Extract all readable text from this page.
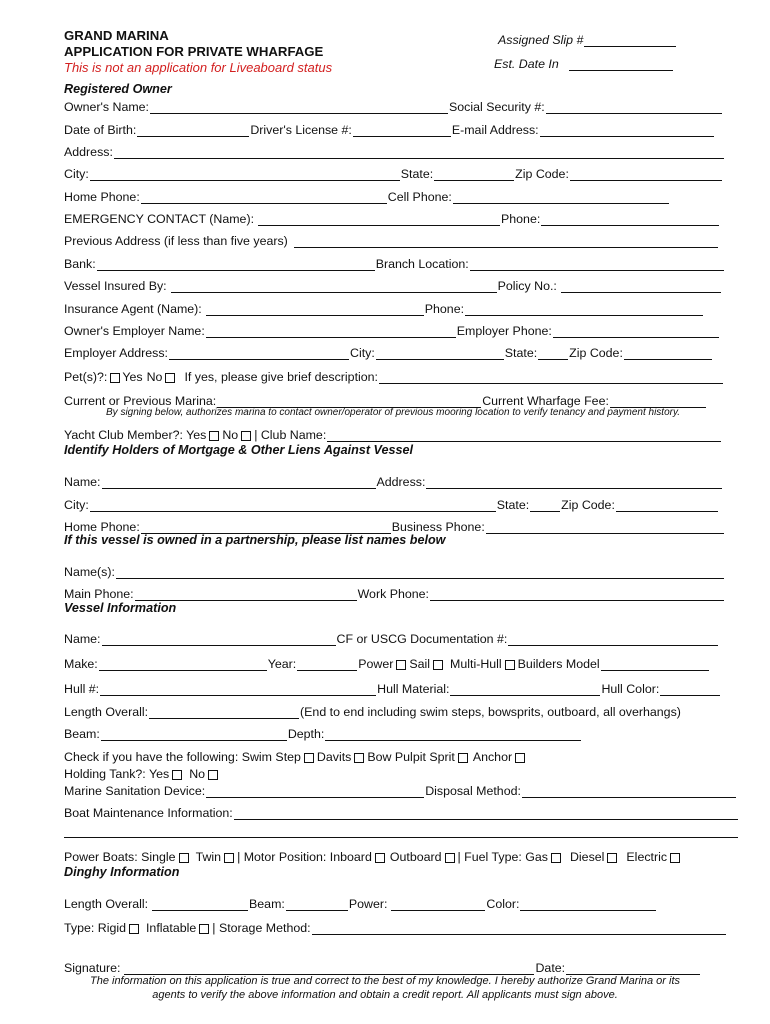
GRAND MARINA
APPLICATION FOR PRIVATE WHARFAGE
This is not an application for Liveaboard status
Assigned Slip #
Est. Date In
Registered Owner
Owner's Name:	Social Security #:
Date of Birth:	Driver's License #:	E-mail Address:
Address:
City:	State:	Zip Code:
Home Phone:	Cell Phone:
EMERGENCY CONTACT (Name):	Phone:
Previous Address (if less than five years)
Bank:	Branch Location:
Vessel Insured By:	Policy No.:
Insurance Agent (Name):	Phone:
Owner's Employer Name:	Employer Phone:
Employer Address:	City:	State:	Zip Code:
Pet(s)?: Yes No If yes, please give brief description:
Current or Previous Marina:	Current Wharfage Fee:
By signing below, authorizes marina to contact owner/operator of previous mooring location to verify tenancy and payment history.
Yacht Club Member?: Yes No | Club Name:
Identify Holders of Mortgage & Other Liens Against Vessel
Name:	Address:
City:	State:	Zip Code:
Home Phone:	Business Phone:
If this vessel is owned in a partnership, please list names below
Name(s):
Main Phone:	Work Phone:
Vessel Information
Name:	CF or USCG Documentation #:
Make:	Year:	Power Sail Multi-Hull Builders Model
Hull #:	Hull Material:	Hull Color:
Length Overall:	(End to end including swim steps, bowsprits, outboard, all overhangs)
Beam:	Depth:
Check if you have the following: Swim Step Davits Bow Pulpit Sprit Anchor
Holding Tank?: Yes No
Marine Sanitation Device:	Disposal Method:
Boat Maintenance Information:
Power Boats: Single Twin | Motor Position: Inboard Outboard | Fuel Type: Gas Diesel Electric
Dinghy Information
Length Overall:	Beam:	Power:	Color:
Type: Rigid Inflatable | Storage Method:
Signature:	Date:
The information on this application is true and correct to the best of my knowledge. I hereby authorize Grand Marina or its
agents to verify the above information and obtain a credit report. All applicants must sign above.
